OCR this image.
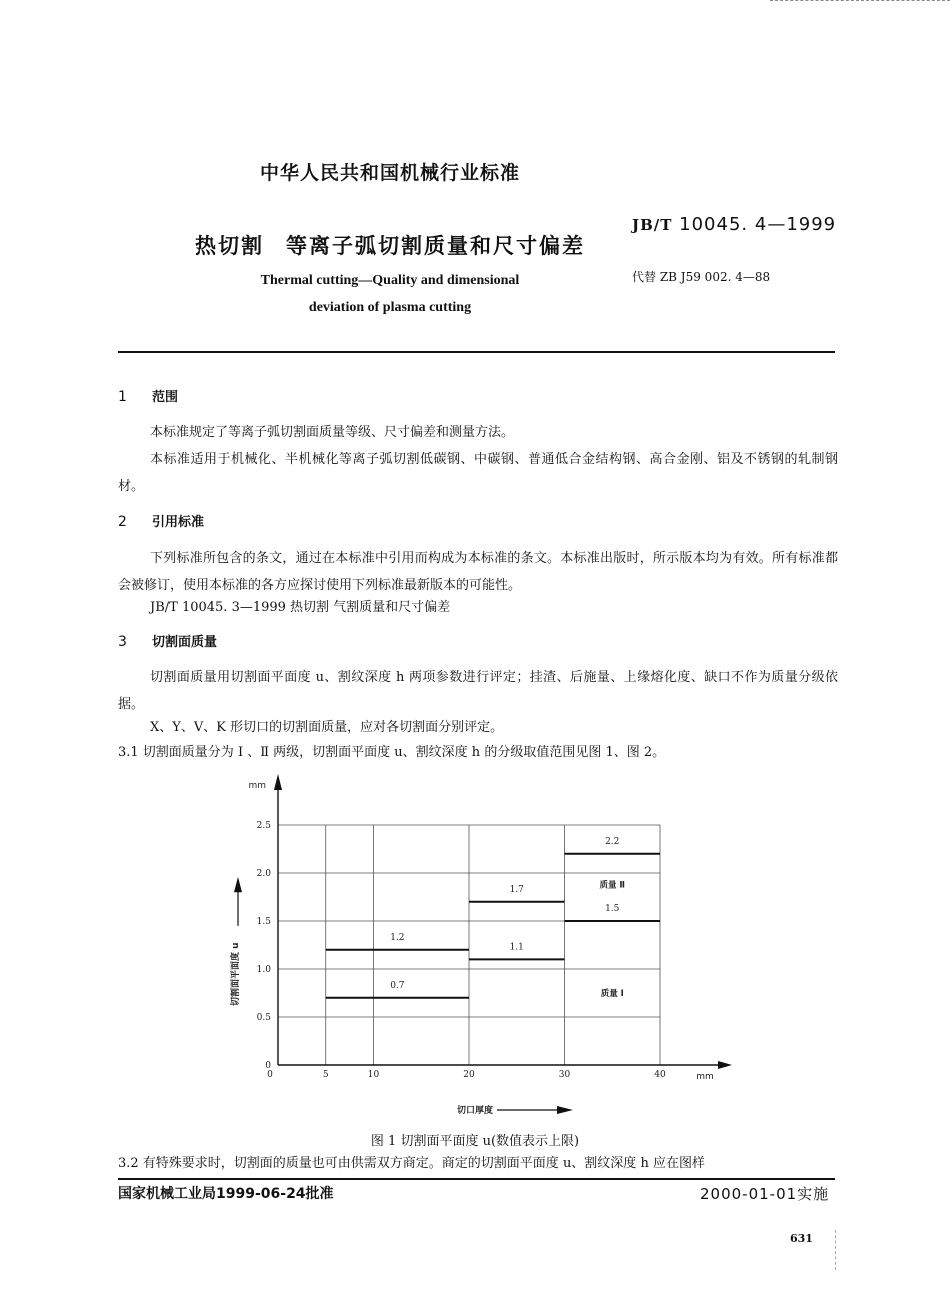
中华人民共和国机械行业标准
JB/T 10045. 4—1999
热切割 等离子弧切割质量和尺寸偏差
Thermal cutting—Quality and dimensional
deviation of plasma cutting
代替 ZB J59 002. 4—88
1 范围
本标准规定了等离子弧切割面质量等级、尺寸偏差和测量方法。
本标准适用于机械化、半机械化等离子弧切割低碳钢、中碳钢、普通低合金结构钢、高合金刚、铝及不锈钢的轧制钢材。
2 引用标准
下列标准所包含的条文，通过在本标准中引用而构成为本标准的条文。本标准出版时，所示版本均为有效。所有标准都会被修订，使用本标准的各方应探讨使用下列标准最新版本的可能性。
JB/T 10045. 3—1999 热切割 气割质量和尺寸偏差
3 切割面质量
切割面质量用切割面平面度 u、割纹深度 h 两项参数进行评定；挂渣、后施量、上缘熔化度、缺口不作为质量分级依据。
X、Y、V、K 形切口的切割面质量，应对各切割面分别评定。
3.1 切割面质量分为 Ⅰ 、Ⅱ 两级，切割面平面度 u、割纹深度 h 的分级取值范围见图 1、图 2。
0	5	10	20	30	40
0
0.5
1.0
1.5
2.0
2.5
mm
mm
切口厚度
切割面平面度 u	0.7
1.1
1.5
1.2
1.7
2.2
质量 Ⅱ
质量 Ⅰ
图 1 切割面平面度 u(数值表示上限)
3.2 有特殊要求时，切割面的质量也可由供需双方商定。商定的切割面平面度 u、割纹深度 h 应在图样
国家机械工业局1999-06-24批准	2000-01-01实施
631
